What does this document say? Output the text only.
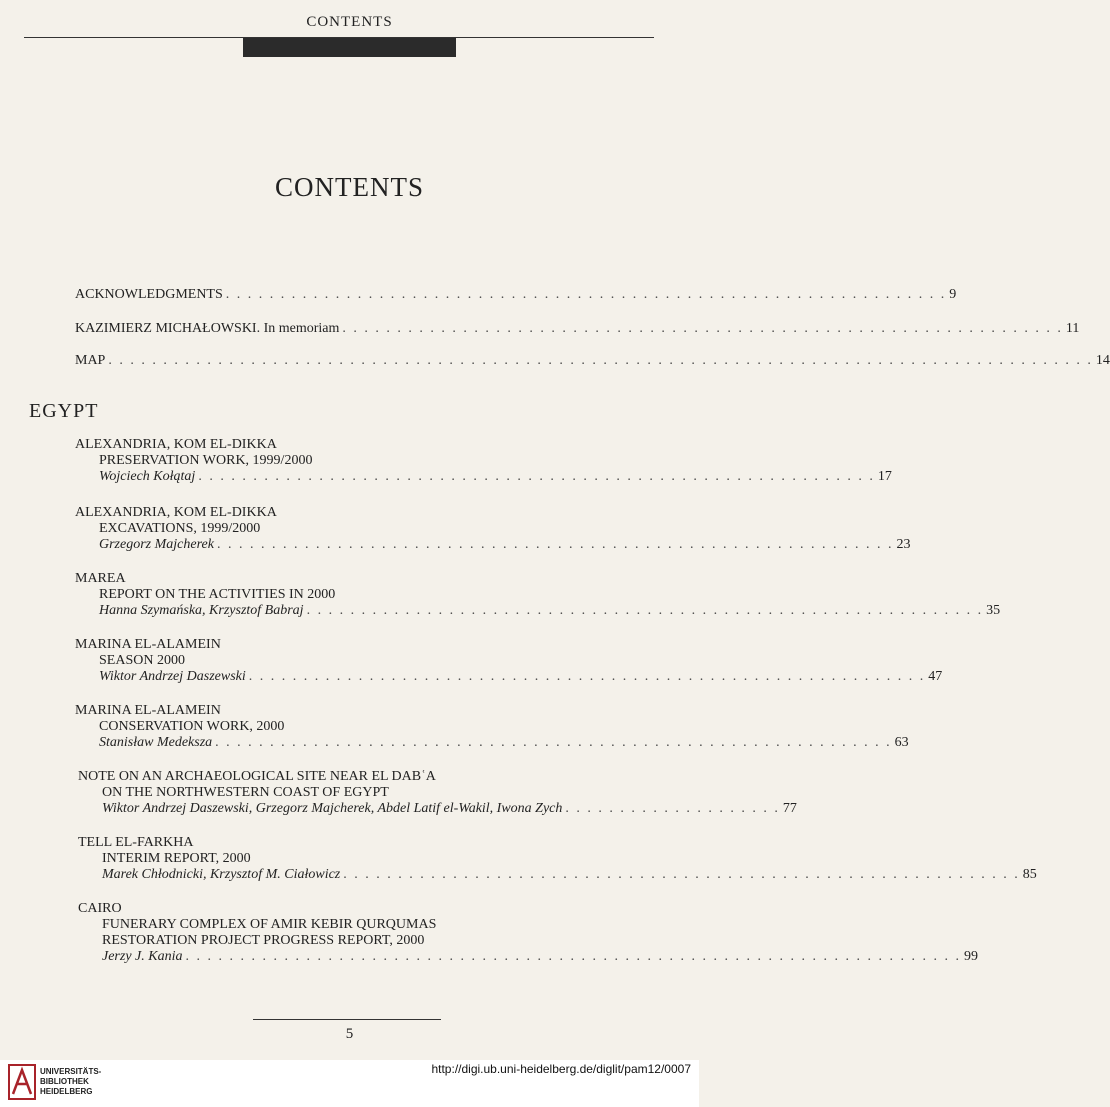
CONTENTS
CONTENTS
ACKNOWLEDGMENTS . . . . . . . . . . . . . . . . . . . . . . . . . . . . . . . . . . . . . . . . . . . . . . . . . . . . . . . . . . . . . . . . . . 9
KAZIMIERZ MICHAŁOWSKI. In memoriam . . . . . . . . . . . . . . . . . . . . . . . . . . . . . . . . . . . . . . . . . . . . . . . . . . . . . . . . . . . . . . . . . . 11
MAP . . . . . . . . . . . . . . . . . . . . . . . . . . . . . . . . . . . . . . . . . . . . . . . . . . . . . . . . . . . . . . . . . . . . . . . . . . . . . . . . . . . . . . . . . . 14
EGYPT
ALEXANDRIA, KOM EL-DIKKA
PRESERVATION WORK, 1999/2000
Wojciech Kołątaj . . . . . . . . . . . . . . . . . . . . . . . . . . . . . . . . . . . . . . . . . . . . . . . . . . . . . . . . . . . . . . 17
ALEXANDRIA, KOM EL-DIKKA
EXCAVATIONS, 1999/2000
Grzegorz Majcherek . . . . . . . . . . . . . . . . . . . . . . . . . . . . . . . . . . . . . . . . . . . . . . . . . . . . . . . . . . . . . . 23
MAREA
REPORT ON THE ACTIVITIES IN 2000
Hanna Szymańska, Krzysztof Babraj . . . . . . . . . . . . . . . . . . . . . . . . . . . . . . . . . . . . . . . . . . . . . . . . . . . . . . . . . . . . . . 35
MARINA EL-ALAMEIN
SEASON 2000
Wiktor Andrzej Daszewski . . . . . . . . . . . . . . . . . . . . . . . . . . . . . . . . . . . . . . . . . . . . . . . . . . . . . . . . . . . . . . 47
MARINA EL-ALAMEIN
CONSERVATION WORK, 2000
Stanisław Medeksza . . . . . . . . . . . . . . . . . . . . . . . . . . . . . . . . . . . . . . . . . . . . . . . . . . . . . . . . . . . . . . 63
NOTE ON AN ARCHAEOLOGICAL SITE NEAR EL DABʿA
ON THE NORTHWESTERN COAST OF EGYPT
Wiktor Andrzej Daszewski, Grzegorz Majcherek, Abdel Latif el-Wakil, Iwona Zych . . . . . . . . . . . . . . . . . . . . 77
TELL EL-FARKHA
INTERIM REPORT, 2000
Marek Chłodnicki, Krzysztof M. Ciałowicz . . . . . . . . . . . . . . . . . . . . . . . . . . . . . . . . . . . . . . . . . . . . . . . . . . . . . . . . . . . . . . 85
CAIRO
FUNERARY COMPLEX OF AMIR KEBIR QURQUMAS
RESTORATION PROJECT PROGRESS REPORT, 2000
Jerzy J. Kania . . . . . . . . . . . . . . . . . . . . . . . . . . . . . . . . . . . . . . . . . . . . . . . . . . . . . . . . . . . . . . . . . . . . . . . 99
5
UNIVERSITÄTS-
BIBLIOTHEK
HEIDELBERG
http://digi.ub.uni-heidelberg.de/diglit/pam12/0007
